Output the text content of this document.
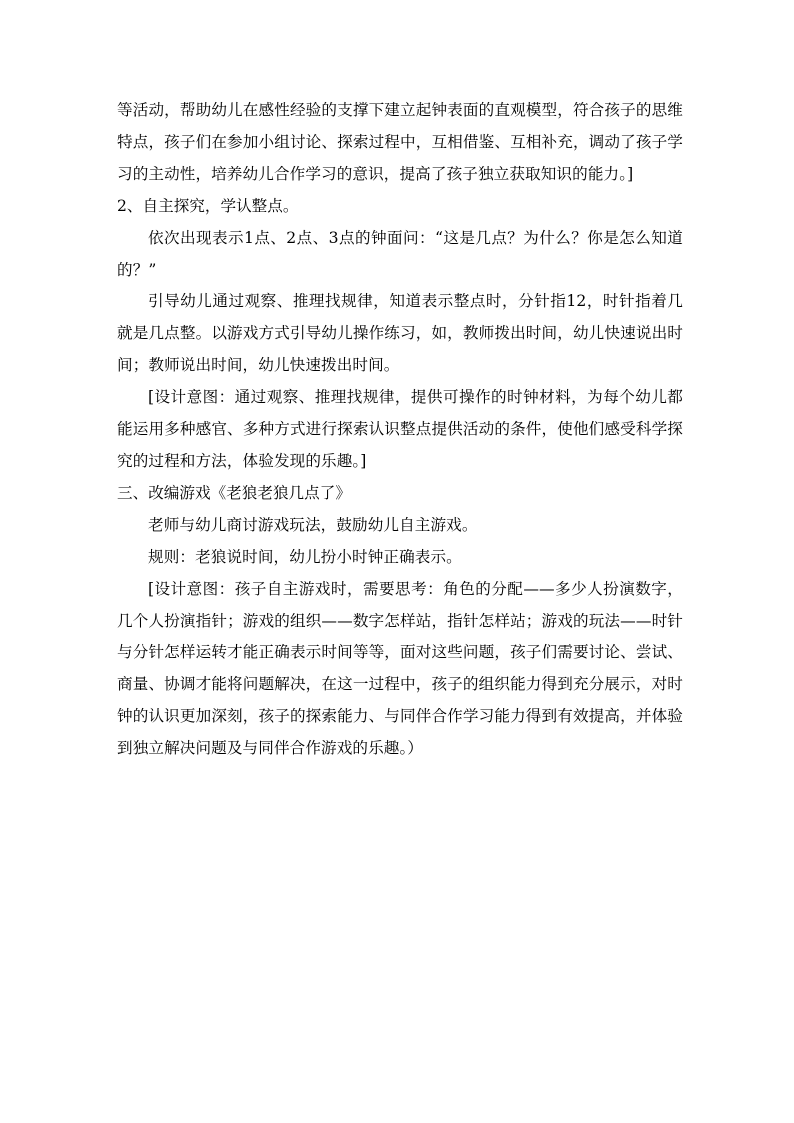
等活动，帮助幼儿在感性经验的支撑下建立起钟表面的直观模型，符合孩子的思维特点，孩子们在参加小组讨论、探索过程中，互相借鉴、互相补充，调动了孩子学习的主动性，培养幼儿合作学习的意识，提高了孩子独立获取知识的能力。]

2、自主探究，学认整点。

依次出现表示1点、2点、3点的钟面问：“这是几点？为什么？你是怎么知道的？”

引导幼儿通过观察、推理找规律，知道表示整点时，分针指12，时针指着几就是几点整。以游戏方式引导幼儿操作练习，如，教师拨出时间，幼儿快速说出时间；教师说出时间，幼儿快速拨出时间。

[设计意图：通过观察、推理找规律，提供可操作的时钟材料，为每个幼儿都能运用多种感官、多种方式进行探索认识整点提供活动的条件，使他们感受科学探究的过程和方法，体验发现的乐趣。]

三、改编游戏《老狼老狼几点了》

老师与幼儿商讨游戏玩法，鼓励幼儿自主游戏。

规则：老狼说时间，幼儿扮小时钟正确表示。

[设计意图：孩子自主游戏时，需要思考：角色的分配——多少人扮演数字，几个人扮演指针；游戏的组织——数字怎样站，指针怎样站；游戏的玩法——时针与分针怎样运转才能正确表示时间等等，面对这些问题，孩子们需要讨论、尝试、商量、协调才能将问题解决，在这一过程中，孩子的组织能力得到充分展示，对时钟的认识更加深刻，孩子的探索能力、与同伴合作学习能力得到有效提高，并体验到独立解决问题及与同伴合作游戏的乐趣。）
